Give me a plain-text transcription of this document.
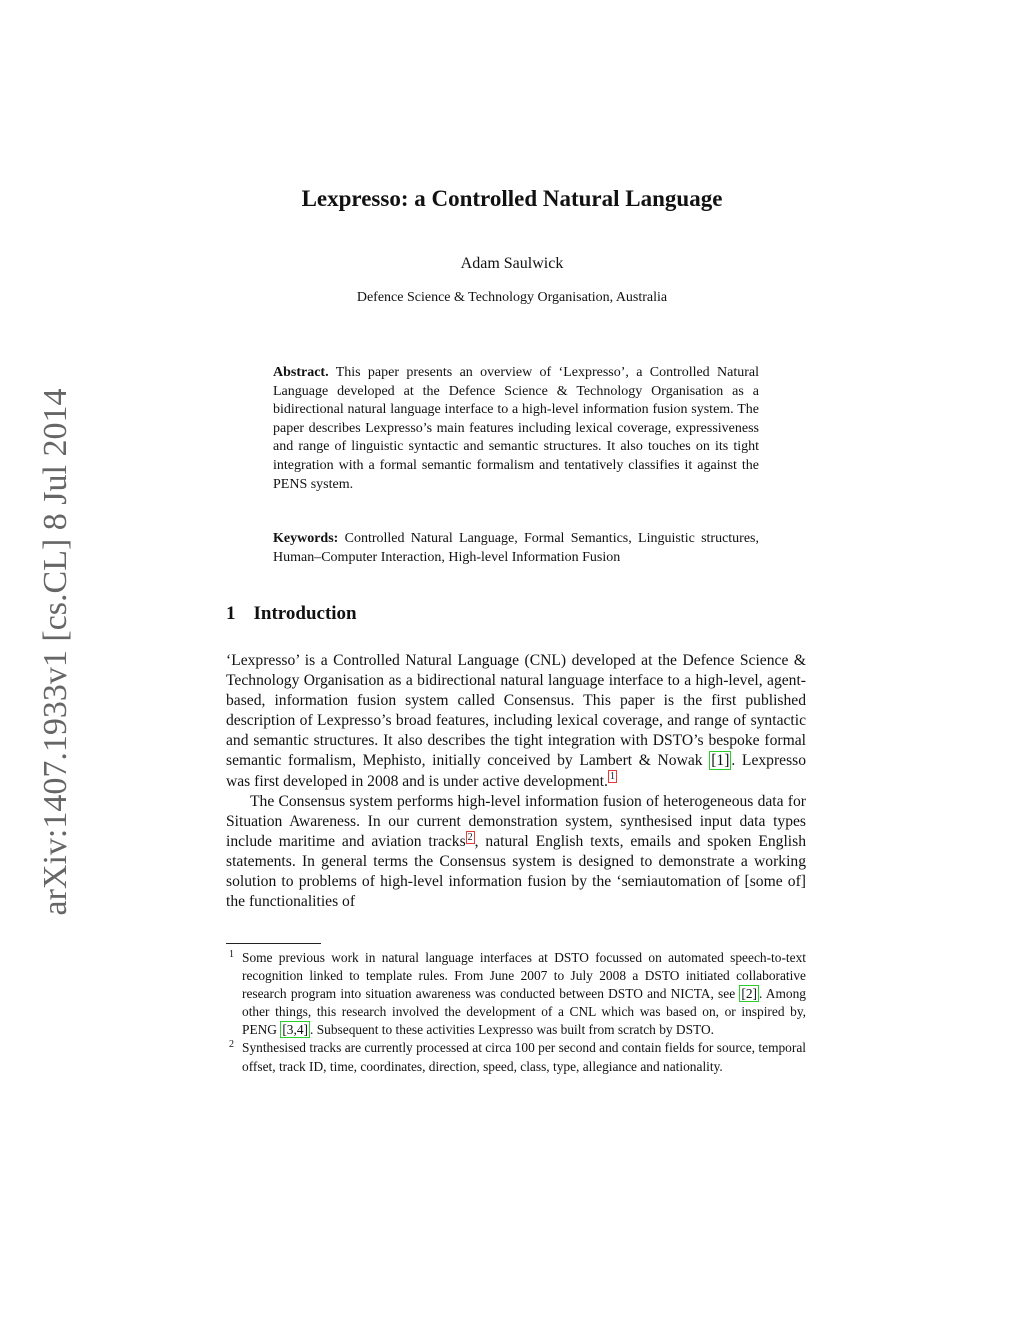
arXiv:1407.1933v1 [cs.CL] 8 Jul 2014
Lexpresso: a Controlled Natural Language
Adam Saulwick
Defence Science & Technology Organisation, Australia
Abstract. This paper presents an overview of ‘Lexpresso’, a Controlled Natural Language developed at the Defence Science & Technology Organisation as a bidirectional natural language interface to a high-level information fusion system. The paper describes Lexpresso’s main features including lexical coverage, expressiveness and range of linguistic syntactic and semantic structures. It also touches on its tight integration with a formal semantic formalism and tentatively classifies it against the PENS system.
Keywords: Controlled Natural Language, Formal Semantics, Linguistic structures, Human–Computer Interaction, High-level Information Fusion
1 Introduction

‘Lexpresso’ is a Controlled Natural Language (CNL) developed at the Defence Science & Technology Organisation as a bidirectional natural language interface to a high-level, agent-based, information fusion system called Consensus. This paper is the first published description of Lexpresso’s broad features, including lexical coverage, and range of syntactic and semantic structures. It also describes the tight integration with DSTO’s bespoke formal semantic formalism, Mephisto, initially conceived by Lambert & Nowak [1] . Lexpresso was first developed in 2008 and is under active development. $^1$

The Consensus system performs high-level information fusion of heterogeneous data for Situation Awareness. In our current demonstration system, synthesised input data types include maritime and aviation tracks $^2$ , natural English texts, emails and spoken English statements. In general terms the Consensus system is designed to demonstrate a working solution to problems of high-level information fusion by the ‘semiautomation of [some of] the functionalities of

1 Some previous work in natural language interfaces at DSTO focussed on automated speech-to-text recognition linked to template rules. From June 2007 to July 2008 a DSTO initiated collaborative research program into situation awareness was conducted between DSTO and NICTA, see [2] . Among other things, this research involved the development of a CNL which was based on, or inspired by, PENG [3,4] . Subsequent to these activities Lexpresso was built from scratch by DSTO.
2 Synthesised tracks are currently processed at circa 100 per second and contain fields for source, temporal offset, track ID, time, coordinates, direction, speed, class, type, allegiance and nationality.
